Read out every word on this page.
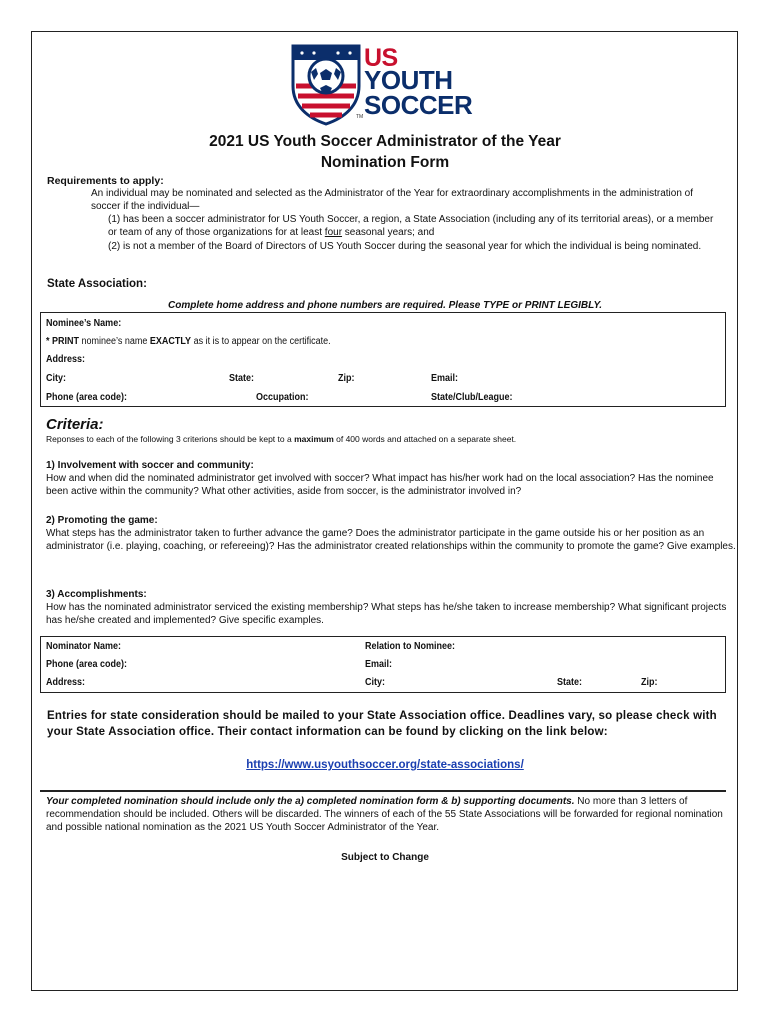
US
YOUTH
SOCCER
TM
2021 US Youth Soccer Administrator of the Year
Nomination Form
Requirements to apply:
An individual may be nominated and selected as the Administrator of the Year for extraordinary accomplishments in the administration of soccer if the individual—
(1) has been a soccer administrator for US Youth Soccer, a region, a State Association (including any of its territorial areas), or a member or team of any of those organizations for at least four seasonal years; and
(2) is not a member of the Board of Directors of US Youth Soccer during the seasonal year for which the individual is being nominated.
State Association:
Complete home address and phone numbers are required. Please TYPE or PRINT LEGIBLY.
Nominee’s Name:
* PRINT nominee’s name EXACTLY as it is to appear on the certificate.
Address:
City:	State:	Zip:	Email:
Phone (area code):	Occupation:	State/Club/League:
Criteria:
Reponses to each of the following 3 criterions should be kept to a maximum of 400 words and attached on a separate sheet.
1) Involvement with soccer and community:
How and when did the nominated administrator get involved with soccer? What impact has his/her work had on the local association? Has the nominee been active within the community? What other activities, aside from soccer, is the administrator involved in?
2) Promoting the game:
What steps has the administrator taken to further advance the game? Does the administrator participate in the game outside his or her position as an administrator (i.e. playing, coaching, or refereeing)? Has the administrator created relationships within the community to promote the game? Give examples.
3) Accomplishments:
How has the nominated administrator serviced the existing membership? What steps has he/she taken to increase membership? What significant projects has he/she created and implemented? Give specific examples.
Nominator Name:	Relation to Nominee:
Phone (area code):	Email:
Address:	City:	State:	Zip:
Entries for state consideration should be mailed to your State Association office. Deadlines vary, so please check with your State Association office. Their contact information can be found by clicking on the link below:
https://www.usyouthsoccer.org/state-associations/
Your completed nomination should include only the a) completed nomination form & b) supporting documents. No more than 3 letters of recommendation should be included. Others will be discarded. The winners of each of the 55 State Associations will be forwarded for regional nomination and possible national nomination as the 2021 US Youth Soccer Administrator of the Year.
Subject to Change
